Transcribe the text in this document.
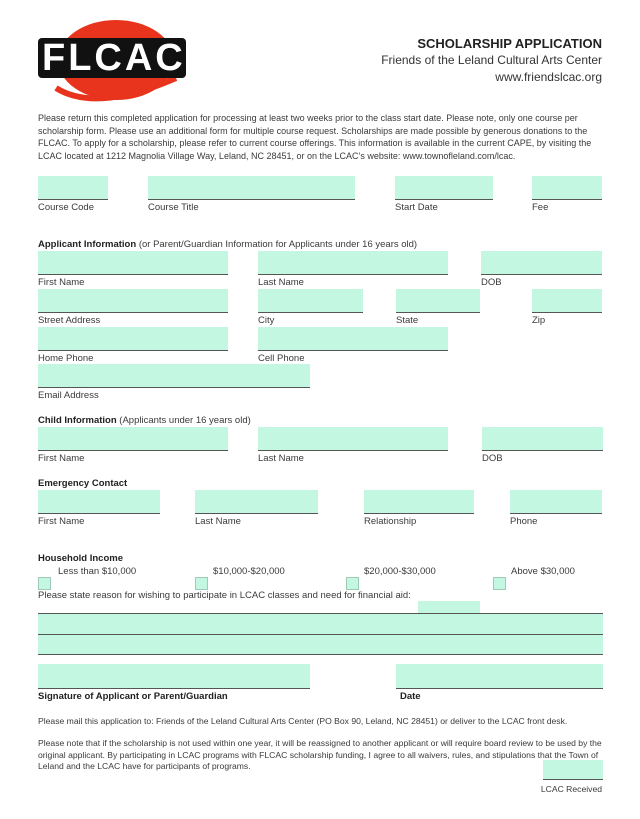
FLCAC	SCHOLARSHIP APPLICATION
Friends of the Leland Cultural Arts Center
www.friendslcac.org
Please return this completed application for processing at least two weeks prior to the class start date. Please note, only one course per scholarship form. Please use an additional form for multiple course request. Scholarships are made possible by generous donations to the FLCAC. To apply for a scholarship, please refer to current course offerings. This information is available in the current CAPE, by visiting the LCAC located at 1212 Magnolia Village Way, Leland, NC 28451, or on the LCAC’s website: www.townofleland.com/lcac.
Course Code	Course Title	Start Date	Fee
Applicant Information (or Parent/Guardian Information for Applicants under 16 years old)
First Name	Last Name	DOB
Street Address	City	State	Zip
Home Phone	Cell Phone
Email Address
Child Information (Applicants under 16 years old)
First Name	Last Name	DOB
Emergency Contact
First Name	Last Name	Relationship	Phone
Household Income
Less than $10,000	$10,000-$20,000	$20,000-$30,000	Above $30,000
Please state reason for wishing to participate in LCAC classes and need for financial aid:
Signature of Applicant or Parent/Guardian	Date
Please mail this application to: Friends of the Leland Cultural Arts Center (PO Box 90, Leland, NC 28451) or deliver to the LCAC front desk.
Please note that if the scholarship is not used within one year, it will be reassigned to another applicant or will require board review to be used by the original applicant. By participating in LCAC programs with FLCAC scholarship funding, I agree to all waivers, rules, and stipulations that the Town of Leland and the LCAC have for participants of programs.
LCAC Received
